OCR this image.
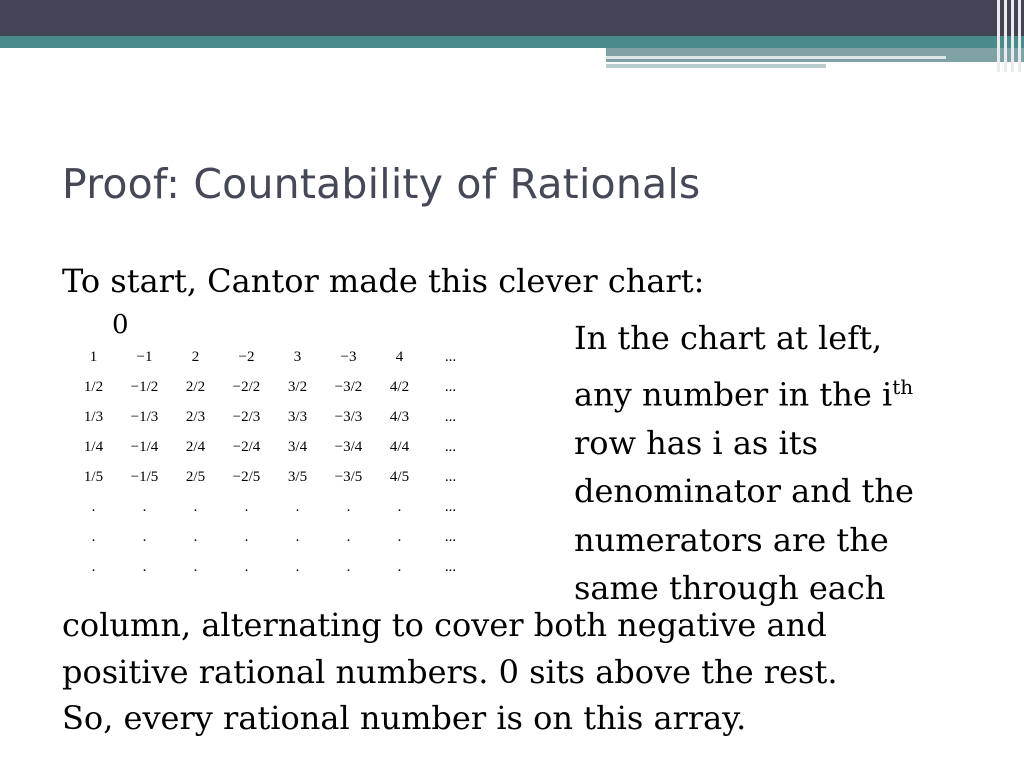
Proof: Countability of Rationals

To start, Cantor made this clever chart:

0
1	−1	2	−2	3	−3	4	...
1/2	−1/2	2/2	−2/2	3/2	−3/2	4/2	...
1/3	−1/3	2/3	−2/3	3/3	−3/3	4/3	...
1/4	−1/4	2/4	−2/4	3/4	−3/4	4/4	...
1/5	−1/5	2/5	−2/5	3/5	−3/5	4/5	...
.	.	.	.	.	.	.	...
.	.	.	.	.	.	.	...
.	.	.	.	.	.	.	...

In the chart at left,
any number in the $i^{th}$
row has i as its
denominator and the
numerators are the
same through each

column, alternating to cover both negative and
positive rational numbers. 0 sits above the rest.
So, every rational number is on this array.
